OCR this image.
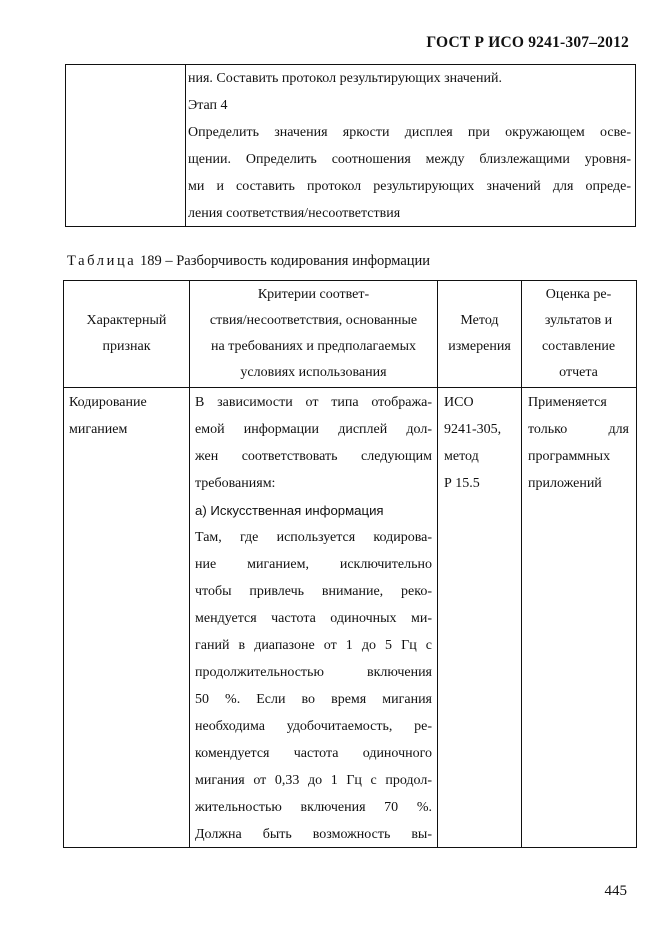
ГОСТ Р ИСО 9241-307–2012
ния. Составить протокол результирующих значений.
Этап 4
Определить значения яркости дисплея при окружающем осве-
щении. Определить соотношения между близлежащими уровня-
ми и составить протокол результирующих значений для опреде-
ления соответствия/несоответствия
Таблица 189 – Разборчивость кодирования информации
Характерный
признак
Критерии соответ-
ствия/несоответствия, основанные
на требованиях и предполагаемых
условиях использования
Метод
измерения
Оценка ре-
зультатов и
составление
отчета
Кодирование
миганием
В зависимости от типа отобража-
емой информации дисплей дол-
жен соответствовать следующим
требованиям:
а) Искусственная информация
Там, где используется кодирова-
ние миганием, исключительно
чтобы привлечь внимание, реко-
мендуется частота одиночных ми-
ганий в диапазоне от 1 до 5 Гц с
продолжительностью включения
50 %. Если во время мигания
необходима удобочитаемость, ре-
комендуется частота одиночного
мигания от 0,33 до 1 Гц с продол-
жительностью включения 70 %.
Должна быть возможность вы-
ИСО
9241-305,
метод
Р 15.5
Применяется
только для
программных
приложений
445
